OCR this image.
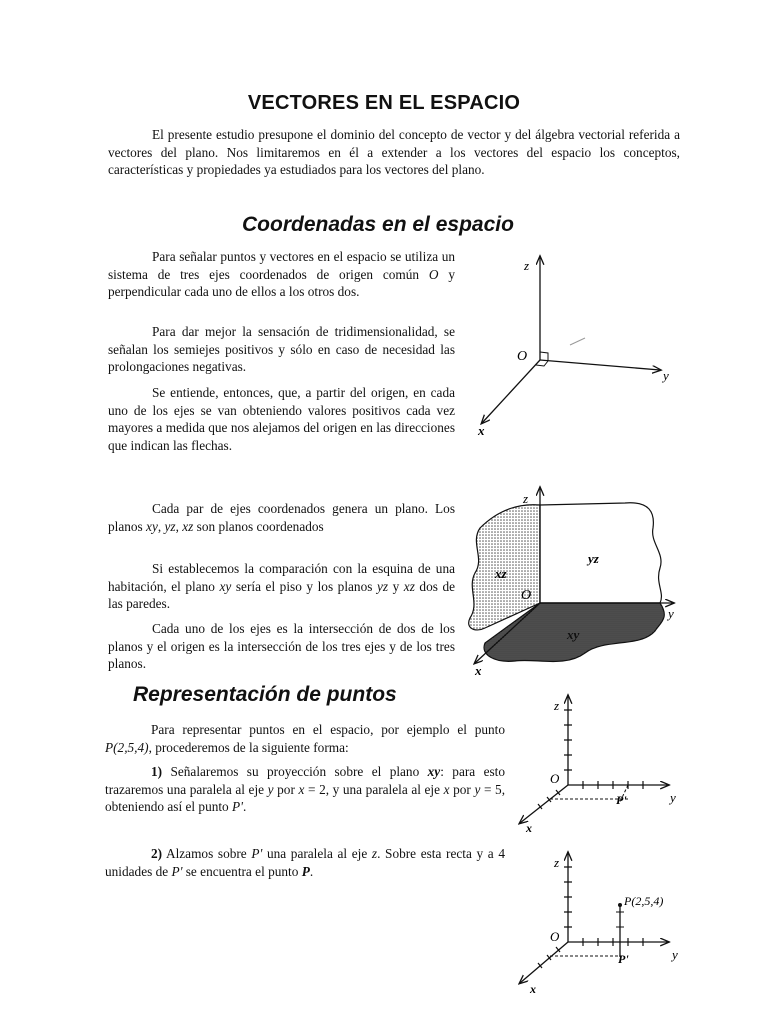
VECTORES EN EL ESPACIO

El presente estudio presupone el dominio del concepto de vector y del álgebra vectorial referida a vectores del plano. Nos limitaremos en él a extender a los vectores del espacio los conceptos, características y propiedades ya estudiados para los vectores del plano.

Coordenadas en el espacio

Para señalar puntos y vectores en el espacio se utiliza un sistema de tres ejes coordenados de origen común O y perpendicular cada uno de ellos a los otros dos.

Para dar mejor la sensación de tridimensionalidad, se señalan los semiejes positivos y sólo en caso de necesidad las prolongaciones negativas.

Se entiende, entonces, que, a partir del origen, en cada uno de los ejes se van obteniendo valores positivos cada vez mayores a medida que nos alejamos del origen en las direcciones que indican las flechas.

Cada par de ejes coordenados genera un plano. Los planos xy, yz, xz son planos coordenados

Si establecemos la comparación con la esquina de una habitación, el plano xy sería el piso y los planos yz y xz dos de las paredes.

Cada uno de los ejes es la intersección de dos de los planos y el origen es la intersección de los tres ejes y de los tres planos.

Representación de puntos

Para representar puntos en el espacio, por ejemplo el punto P(2,5,4), procederemos de la siguiente forma:

1) Señalaremos su proyección sobre el plano xy: para esto trazaremos una paralela al eje y por x = 2, y una paralela al eje x por y = 5, obteniendo así el punto P'.

2) Alzamos sobre P' una paralela al eje z. Sobre esta recta y a 4 unidades de P' se encuentra el punto P.

z
y
x
O
z
y
x
O
yz
xz
xy
z
y
x
O
P'
z
y
x
O
P'
P(2,5,4)
